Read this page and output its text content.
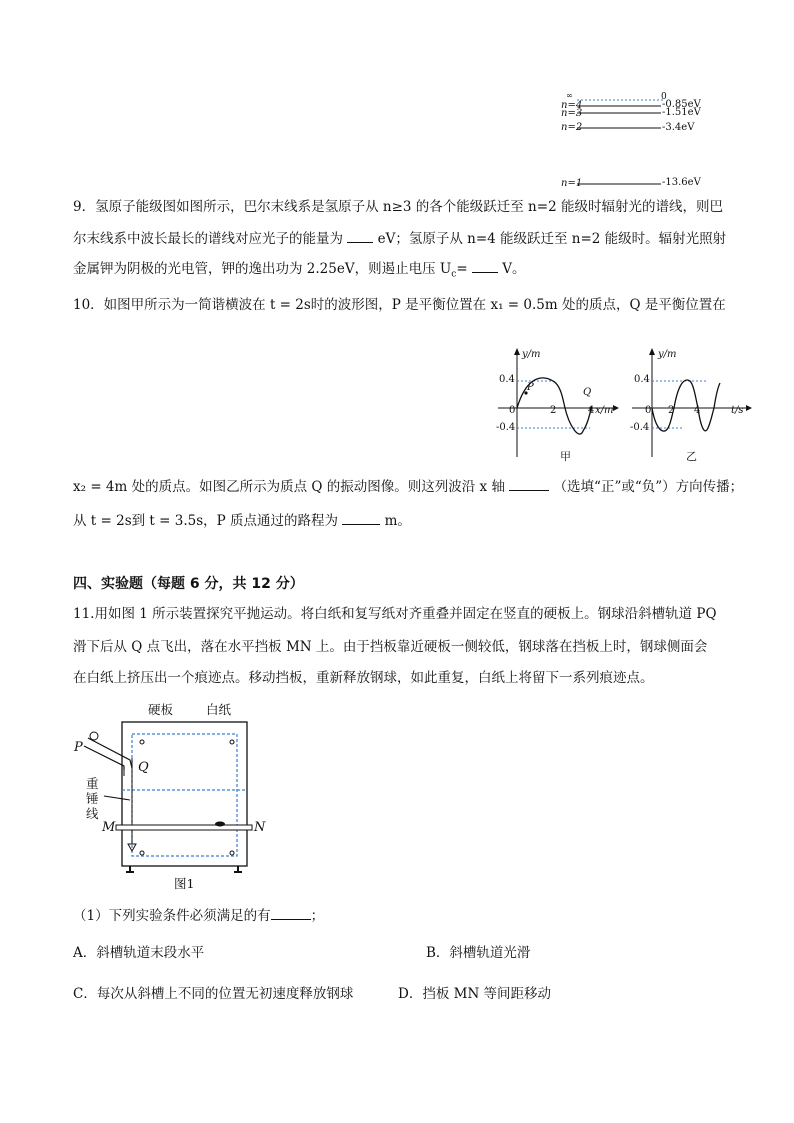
∞	0
n=4	-0.85eV
n=3	-1.51eV
n=2	-3.4eV
n=1	-13.6eV
9．氢原子能级图如图所示，巴尔末线系是氢原子从 n≥3 的各个能级跃迁至 n=2 能级时辐射光的谱线，则巴
尔末线系中波长最长的谱线对应光子的能量为	eV；氢原子从 n=4 能级跃迁至 n=2 能级时。辐射光照射
金属钾为阴极的光电管，钾的逸出功为 2.25eV，则遏止电压 $U_c=$	V。
10．如图甲所示为一简谐横波在 t = 2s时的波形图，P 是平衡位置在 x₁ = 0.5m 处的质点，Q 是平衡位置在
y/m
0.4
-0.4
0	2	4 x/m
P	Q
甲
y/m
0.4
-0.4
0 2 4	t/s
乙
x₂ = 4m 处的质点。如图乙所示为质点 Q 的振动图像。则这列波沿 x 轴	（选填“正”或“负”）方向传播；
从 t = 2s到 t = 3.5s，P 质点通过的路程为	m。
四、实验题（每题 6 分，共 12 分）
11.用如图 1 所示装置探究平抛运动。将白纸和复写纸对齐重叠并固定在竖直的硬板上。钢球沿斜槽轨道 PQ
滑下后从 Q 点飞出，落在水平挡板 MN 上。由于挡板靠近硬板一侧较低，钢球落在挡板上时，钢球侧面会
在白纸上挤压出一个痕迹点。移动挡板，重新释放钢球，如此重复，白纸上将留下一系列痕迹点。
硬板	白纸
P
Q
重
锤
线
M	N
图1
（1）下列实验条件必须满足的有	；
A．斜槽轨道末段水平	B．斜槽轨道光滑
C．每次从斜槽上不同的位置无初速度释放钢球	D．挡板 MN 等间距移动
